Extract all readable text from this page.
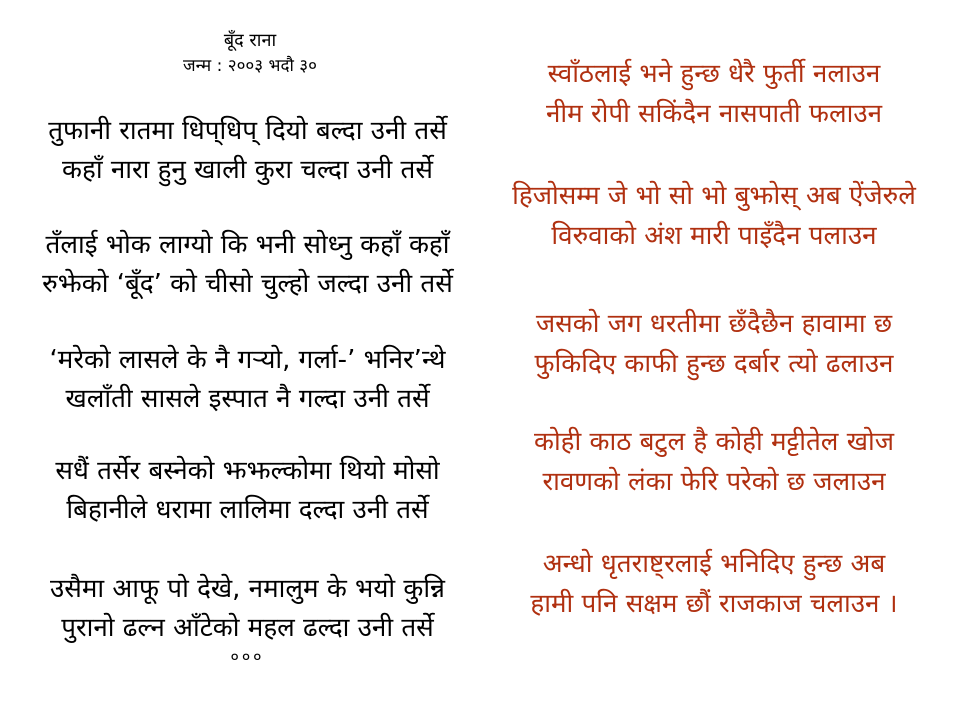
बूँद राना
जन्म : २००३ भदौ ३०
तुफानी रातमा धिप्‌धिप्‌ दियो बल्दा उनी तर्से
कहाँ नारा हुनु खाली कुरा चल्दा उनी तर्से
तँलाई भोक लाग्यो कि भनी सोध्नु कहाँ कहाँ
रुझेको ‘बूँद’ को चीसो चुल्हो जल्दा उनी तर्से
‘मरेको लासले के नै गर्‍यो, गर्ला-’ भनिर’न्थे
खलाँती सासले इस्पात नै गल्दा उनी तर्से
सधैं तर्सेर बस्नेको झझल्कोमा थियो मोसो
बिहानीले धरामा लालिमा दल्दा उनी तर्से
उसैमा आफू पो देखे, नमालुम के भयो कुन्नि
पुरानो ढल्न आँटेको महल ढल्दा उनी तर्से
०००
स्वाँठलाई भने हुन्छ धेरै फुर्ती नलाउन
नीम रोपी सकिंदैन नासपाती फलाउन
हिजोसम्म जे भो सो भो बुझोस् अब ऐंजेरुले
विरुवाको अंश मारी पाइँदैन पलाउन
जसको जग धरतीमा छँदैछैन हावामा छ
फुकिदिए काफी हुन्छ दर्बार त्यो ढलाउन
कोही काठ बटुल है कोही मट्टीतेल खोज
रावणको लंका फेरि परेको छ जलाउन
अन्धो धृतराष्ट्रलाई भनिदिए हुन्छ अब
हामी पनि सक्षम छौं राजकाज चलाउन ।
